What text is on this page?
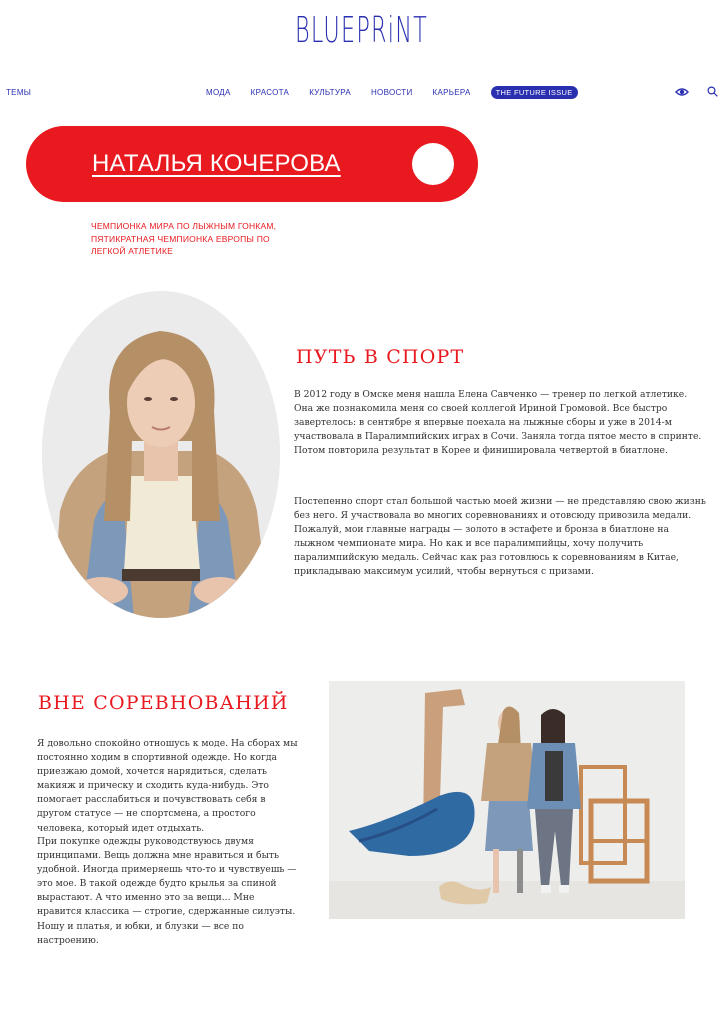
BLUEPRiNT
ТЕМЫ	МОДА	КРАСОТА	КУЛЬТУРА	НОВОСТИ	КАРЬЕРА	THE FUTURE ISSUE
НАТАЛЬЯ КОЧЕРОВА
ЧЕМПИОНКА МИРА ПО ЛЫЖНЫМ ГОНКАМ, ПЯТИКРАТНАЯ ЧЕМПИОНКА ЕВРОПЫ ПО ЛЕГКОЙ АТЛЕТИКЕ
ПУТЬ В СПОРТ

В 2012 году в Омске меня нашла Елена Савченко — тренер по легкой атлетике. Она же познакомила меня со своей коллегой Ириной Громовой. Все быстро завертелось: в сентябре я впервые поехала на лыжные сборы и уже в 2014-м участвовала в Паралимпийских играх в Сочи. Заняла тогда пятое место в спринте. Потом повторила результат в Корее и финишировала четвертой в биатлоне.

Постепенно спорт стал большой частью моей жизни — не представляю свою жизнь без него. Я участвовала во многих соревнованиях и отовсюду привозила медали. Пожалуй, мои главные награды — золото в эстафете и бронза в биатлоне на лыжном чемпионате мира. Но как и все паралимпийцы, хочу получить паралимпийскую медаль. Сейчас как раз готовлюсь к соревнованиям в Китае, прикладываю максимум усилий, чтобы вернуться с призами.

ВНЕ СОРЕВНОВАНИЙ

Я довольно спокойно отношусь к моде. На сборах мы постоянно ходим в спортивной одежде. Но когда приезжаю домой, хочется нарядиться, сделать макияж и прическу и сходить куда-нибудь. Это помогает расслабиться и почувствовать себя в другом статусе — не спортсмена, а простого человека, который идет отдыхать.

При покупке одежды руководствуюсь двумя принципами. Вещь должна мне нравиться и быть удобной. Иногда примеряешь что-то и чувствуешь — это мое. В такой одежде будто крылья за спиной вырастают. А что именно это за вещи... Мне нравится классика — строгие, сдержанные силуэты. Ношу и платья, и юбки, и блузки — все по настроению.
